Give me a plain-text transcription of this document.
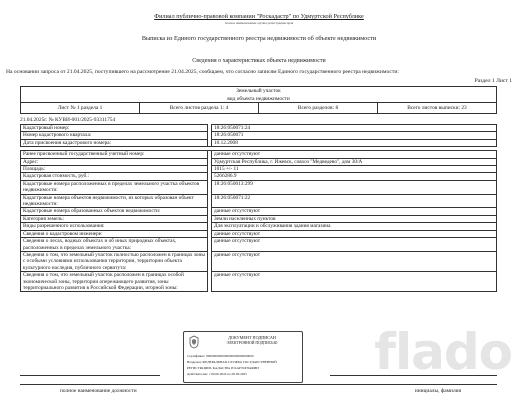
Филиал публично-правовой компании "Роскадастр" по Удмуртской Республике
полное наименование органа регистрации прав
Выписка из Единого государственного реестра недвижимости об объекте недвижимости
Сведения о характеристиках объекта недвижимости
На основании запроса от 21.04.2025, поступившего на рассмотрение 21.04.2025, сообщаем, что согласно записям Единого государственного реестра недвижимости:
Раздел 1 Лист 1
Земельный участок
вид объекта недвижимости
Лист № 1 раздела 1	Всего листов раздела 1: 4	Всего разделов: 8	Всего листов выписки: 23
21.04.2025г. № КУВИ-001/2025-93311754
Кадастровый номер:		18:26:050071:24
Номер кадастрового квартала:		18:26:050071
Дата присвоения кадастрового номера:		10.12.2008

Ранее присвоенный государственный учетный номер:		данные отсутствуют
Адрес:		Удмуртская Республика, г. Ижевск, совхоз "Медведево", дом 30/А
Площадь:		1015 +/- 11
Кадастровая стоимость, руб.:		5266286.9
Кадастровые номера расположенных в пределах земельного участка объектов недвижимости:		18:26:050013:299
Кадастровые номера объектов недвижимости, из которых образован объект недвижимости:		18:26:050071:22
Кадастровые номера образованных объектов недвижимости:		данные отсутствуют
Категория земель:		Земли населенных пунктов
Виды разрешенного использования:		Для эксплуатации и обслуживания здания магазина
Сведения о кадастровом инженере:		данные отсутствуют
Сведения о лесах, водных объектах и об иных природных объектах, расположенных в пределах земельного участка:		данные отсутствуют
Сведения о том, что земельный участок полностью расположен в границах зоны с особыми условиями использования территории, территории объекта культурного наследия, публичного сервитута:		данные отсутствуют
Сведения о том, что земельный участок расположен в границах особой экономической зоны, территории опережающего развития, зоны территориального развития в Российской Федерации, игорной зоны:		данные отсутствуют
ДОКУМЕНТ ПОДПИСАН
ЭЛЕКТРОННОЙ ПОДПИСЬЮ
Сертификат: 0000000000000000000000000000
Владелец: ФЕДЕРАЛЬНАЯ СЛУЖБА ГОСУДАРСТВЕННОЙ
РЕГИСТРАЦИИ, КАДАСТРА И КАРТОГРАФИИ
Действителен: с 00.00.2024 по 00.00.2025
полное наименование должности	инициалы, фамилия
flado
